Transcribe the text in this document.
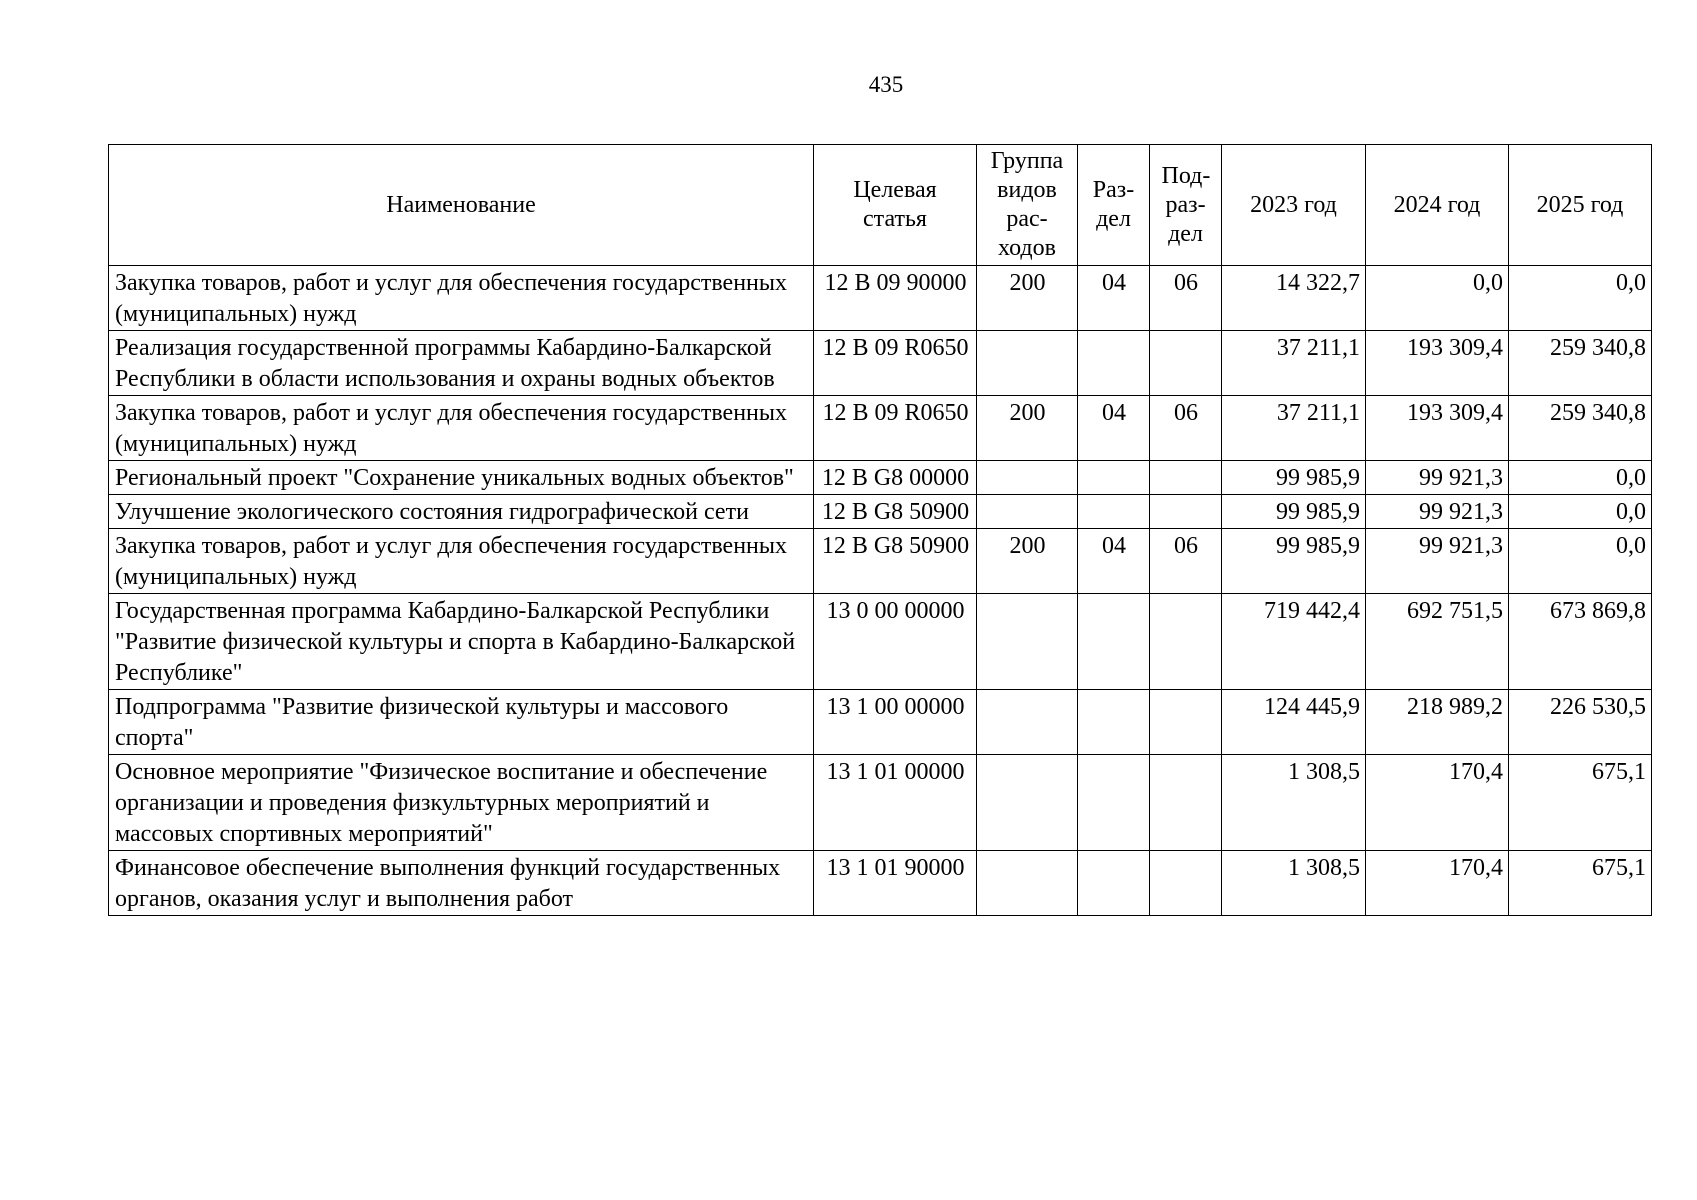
435
Наименование	Целевая статья	Группа видов рас-ходов	Раз-дел	Под-раз-дел	2023 год	2024 год	2025 год
Закупка товаров, работ и услуг для обеспечения государственных (муниципальных) нужд	12 В 09 90000	200	04	06	14 322,7	0,0	0,0
Реализация государственной программы Кабардино-Балкарской Республики в области использования и охраны водных объектов	12 В 09 R0650				37 211,1	193 309,4	259 340,8
Закупка товаров, работ и услуг для обеспечения государственных (муниципальных) нужд	12 В 09 R0650	200	04	06	37 211,1	193 309,4	259 340,8
Региональный проект "Сохранение уникальных водных объектов"	12 В G8 00000				99 985,9	99 921,3	0,0
Улучшение экологического состояния гидрографической сети	12 В G8 50900				99 985,9	99 921,3	0,0
Закупка товаров, работ и услуг для обеспечения государственных (муниципальных) нужд	12 В G8 50900	200	04	06	99 985,9	99 921,3	0,0
Государственная программа Кабардино-Балкарской Республики "Развитие физической культуры и спорта в Кабардино-Балкарской Республике"	13 0 00 00000				719 442,4	692 751,5	673 869,8
Подпрограмма "Развитие физической культуры и массового спорта"	13 1 00 00000				124 445,9	218 989,2	226 530,5
Основное мероприятие "Физическое воспитание и обеспечение организации и проведения физкультурных мероприятий и массовых спортивных мероприятий"	13 1 01 00000				1 308,5	170,4	675,1
Финансовое обеспечение выполнения функций государственных органов, оказания услуг и выполнения работ	13 1 01 90000				1 308,5	170,4	675,1
